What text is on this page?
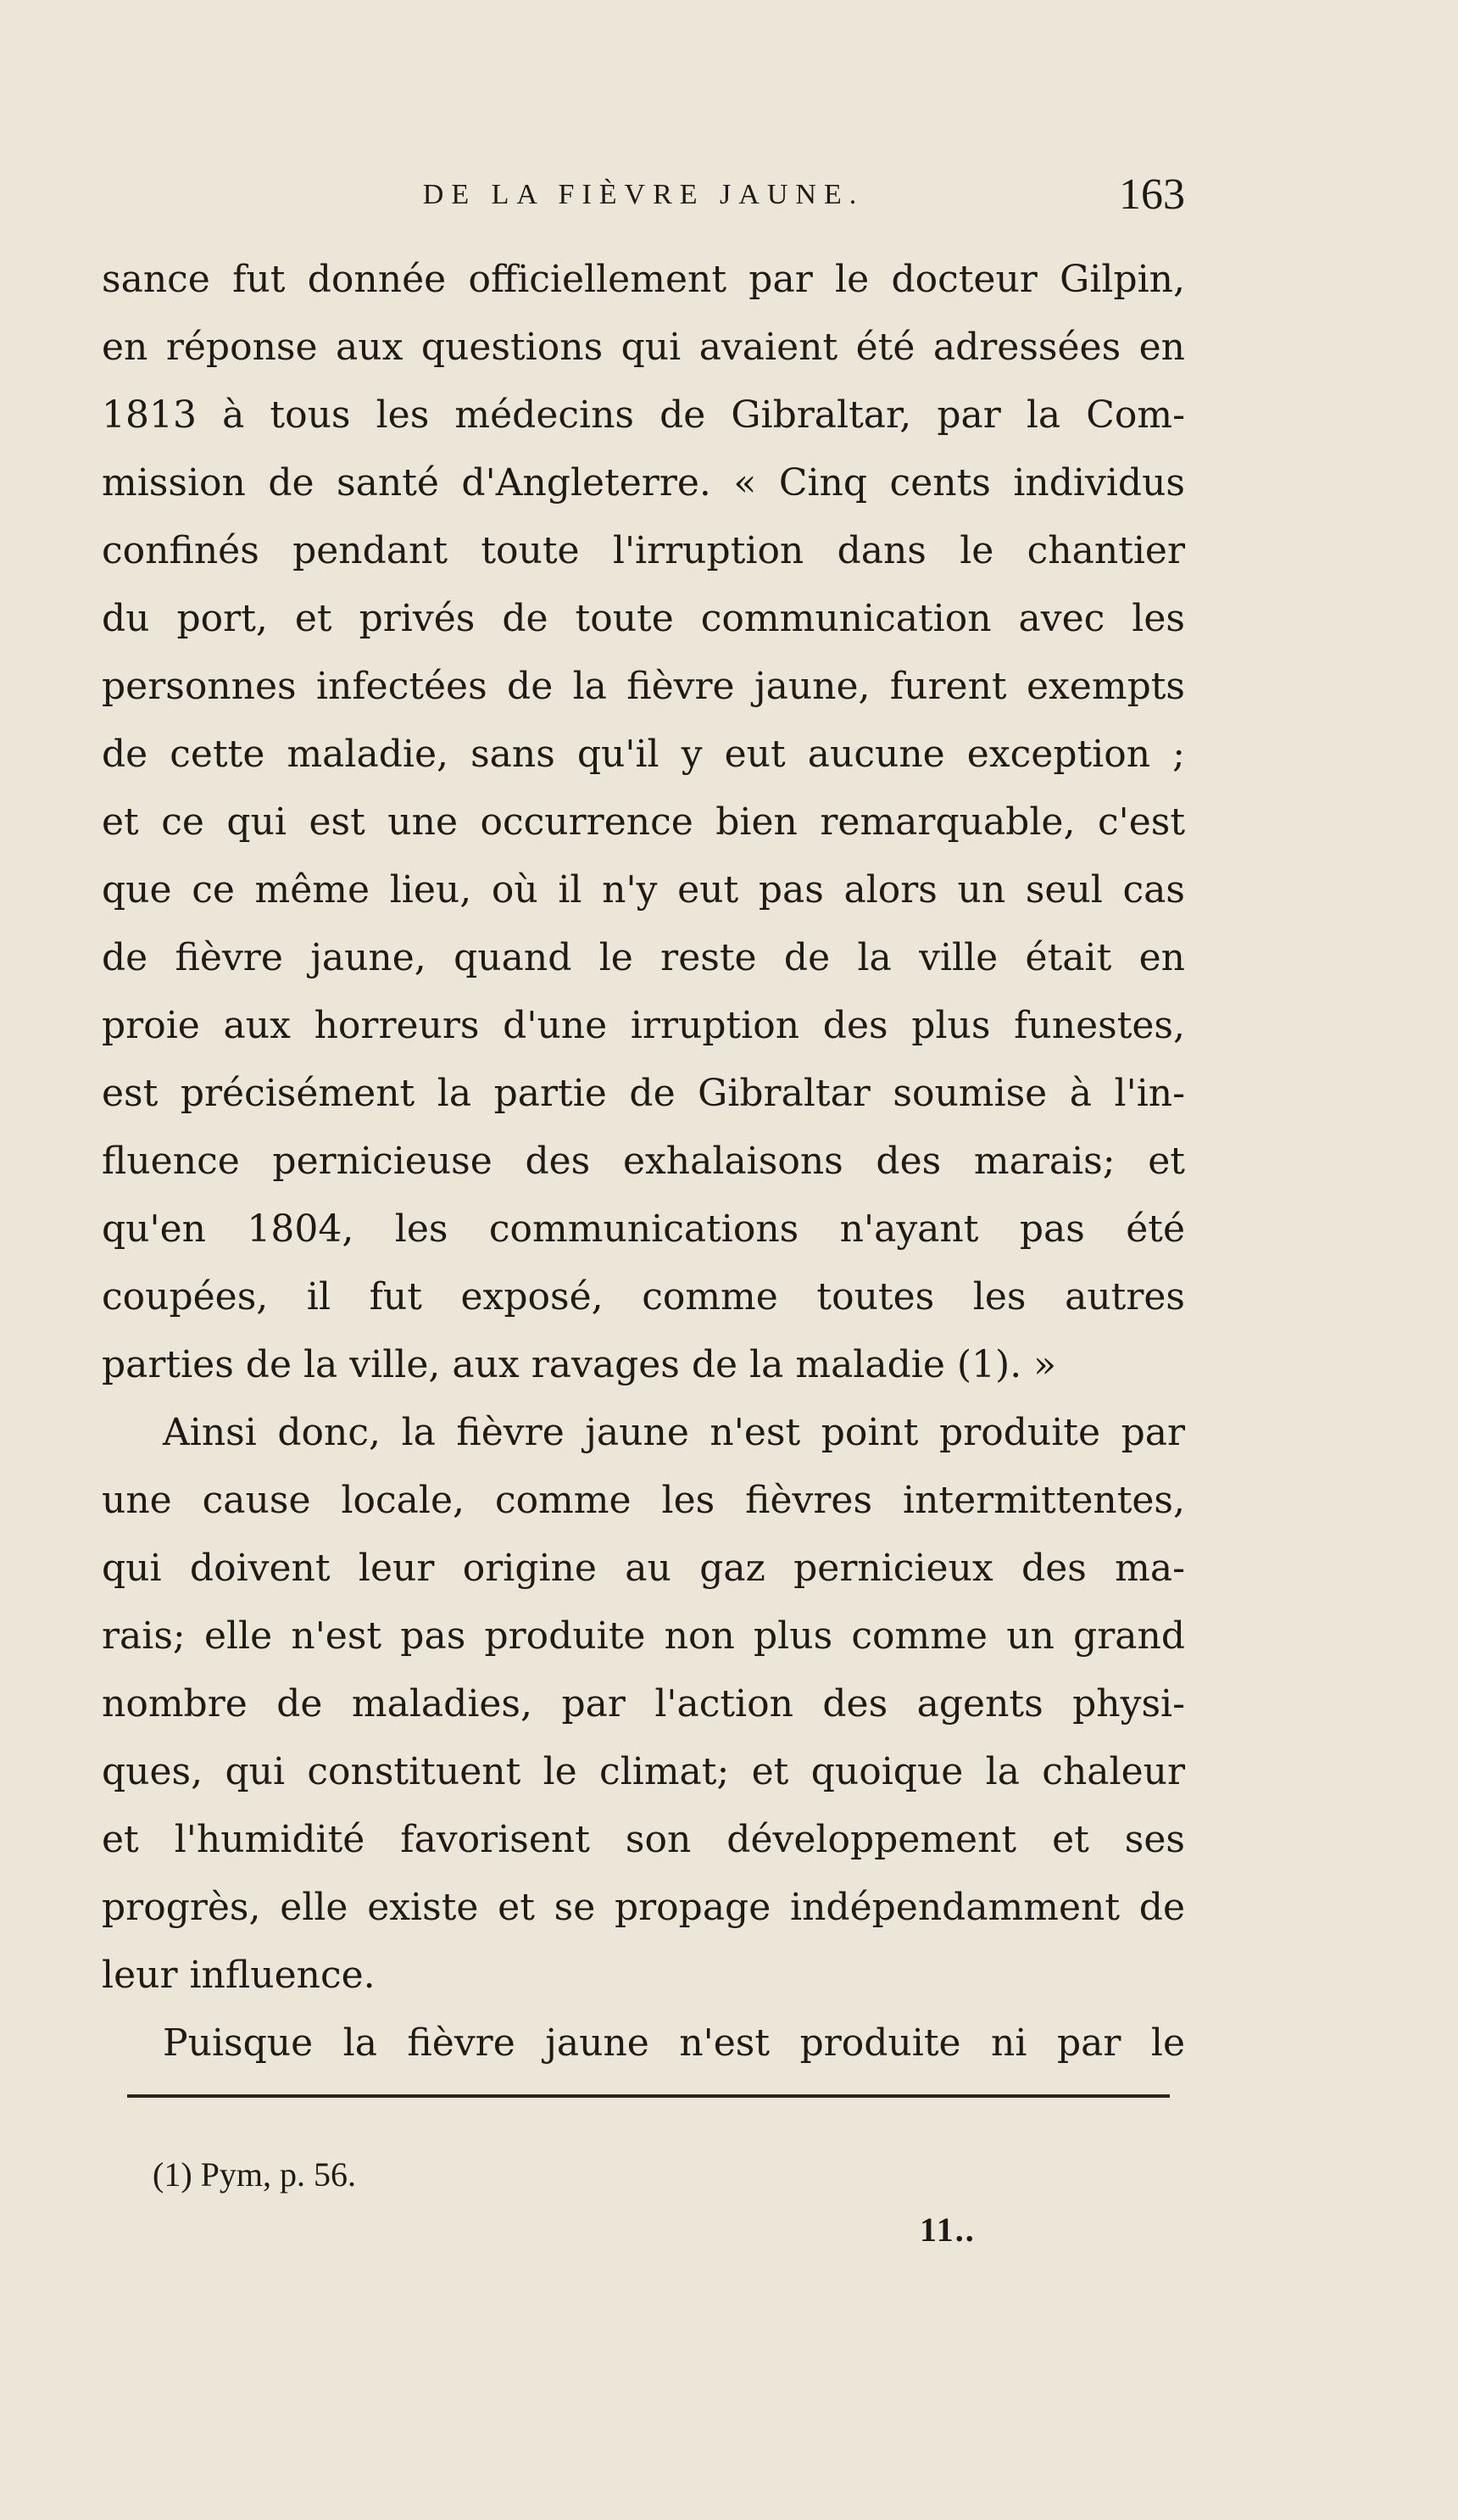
DE LA FIÈVRE JAUNE.	163
sance fut donnée officiellement par le docteur Gilpin,
en réponse aux questions qui avaient été adressées en
1813 à tous les médecins de Gibraltar, par la Com-
mission de santé d'Angleterre. « Cinq cents individus
confinés pendant toute l'irruption dans le chantier
du port, et privés de toute communication avec les
personnes infectées de la fièvre jaune, furent exempts
de cette maladie, sans qu'il y eut aucune exception ;
et ce qui est une occurrence bien remarquable, c'est
que ce même lieu, où il n'y eut pas alors un seul cas
de fièvre jaune, quand le reste de la ville était en
proie aux horreurs d'une irruption des plus funestes,
est précisément la partie de Gibraltar soumise à l'in-
fluence pernicieuse des exhalaisons des marais; et
qu'en 1804, les communications n'ayant pas été
coupées, il fut exposé, comme toutes les autres
parties de la ville, aux ravages de la maladie (1). »
Ainsi donc, la fièvre jaune n'est point produite par
une cause locale, comme les fièvres intermittentes,
qui doivent leur origine au gaz pernicieux des ma-
rais; elle n'est pas produite non plus comme un grand
nombre de maladies, par l'action des agents physi-
ques, qui constituent le climat; et quoique la chaleur
et l'humidité favorisent son développement et ses
progrès, elle existe et se propage indépendamment de
leur influence.
Puisque la fièvre jaune n'est produite ni par le
(1) Pym, p. 56.
11..
